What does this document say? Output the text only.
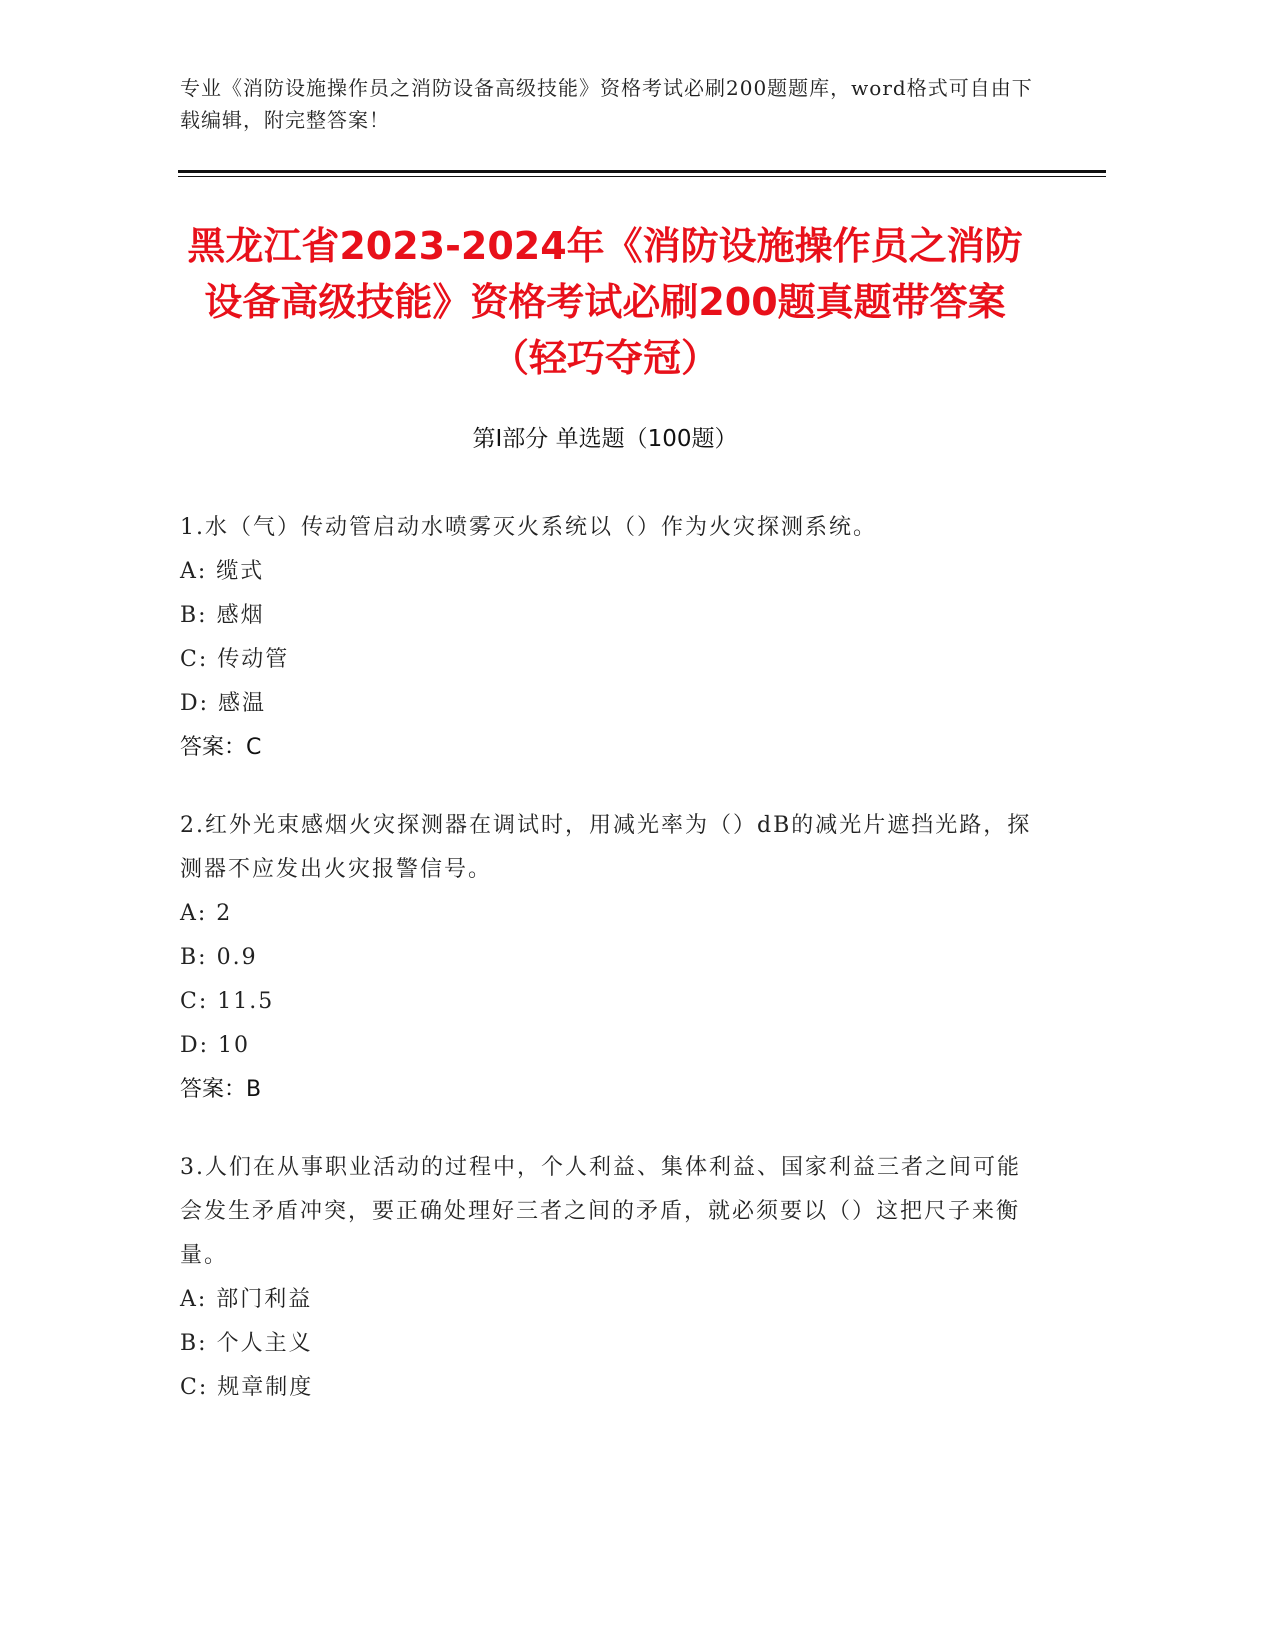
专业《消防设施操作员之消防设备高级技能》资格考试必刷200题题库，word格式可自由下载编辑，附完整答案！
黑龙江省2023-2024年《消防设施操作员之消防设备高级技能》资格考试必刷200题真题带答案（轻巧夺冠）
第Ⅰ部分 单选题（100题）
1.水（气）传动管启动水喷雾灭火系统以（）作为火灾探测系统。
A: 缆式
B: 感烟
C: 传动管
D: 感温
答案：C
2.红外光束感烟火灾探测器在调试时，用减光率为（）dB的减光片遮挡光路，探测器不应发出火灾报警信号。
A: 2
B: 0.9
C: 11.5
D: 10
答案：B
3.人们在从事职业活动的过程中，个人利益、集体利益、国家利益三者之间可能会发生矛盾冲突，要正确处理好三者之间的矛盾，就必须要以（）这把尺子来衡量。
A: 部门利益
B: 个人主义
C: 规章制度
